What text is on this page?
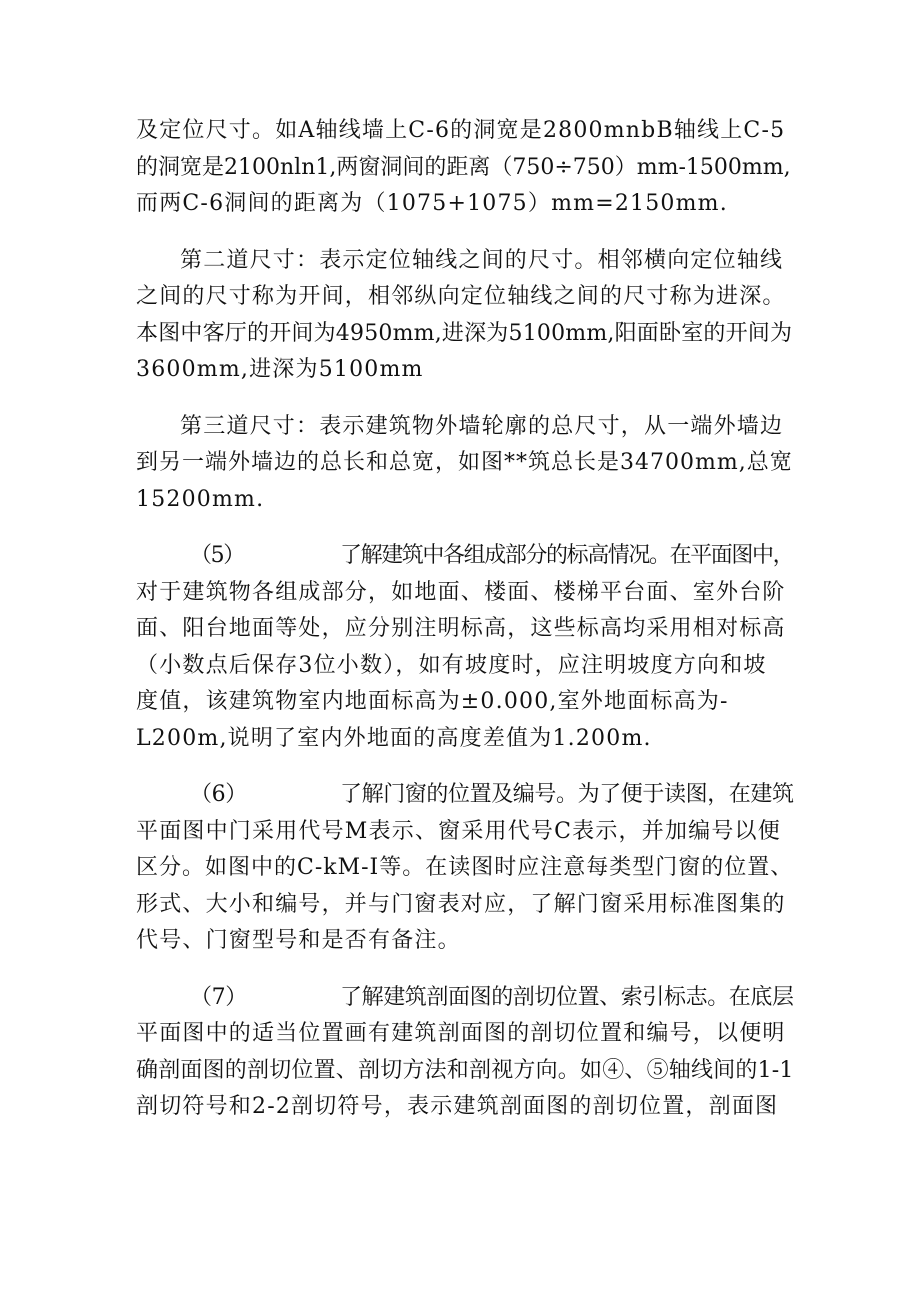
及定位尺寸。如A轴线墙上C-6的洞宽是2800mnbB轴线上C-5
的洞宽是2100nln1,两窗洞间的距离（750÷750）mm-1500mm,
而两C-6洞间的距离为（1075+1075）mm=2150mm.

第二道尺寸：表示定位轴线之间的尺寸。相邻横向定位轴线
之间的尺寸称为开间，相邻纵向定位轴线之间的尺寸称为进深。
本图中客厅的开间为4950mm,进深为5100mm,阳面卧室的开间为
3600mm,进深为5100mm

第三道尺寸：表示建筑物外墙轮廓的总尺寸，从一端外墙边
到另一端外墙边的总长和总宽，如图**筑总长是34700mm,总宽
15200mm.

（5）	了解建筑中各组成部分的标高情况。在平面图中，
对于建筑物各组成部分，如地面、楼面、楼梯平台面、室外台阶
面、阳台地面等处，应分别注明标高，这些标高均采用相对标高
（小数点后保存3位小数），如有坡度时，应注明坡度方向和坡
度值，该建筑物室内地面标高为±0.000,室外地面标高为-
L200m,说明了室内外地面的高度差值为1.200m.

（6）	了解门窗的位置及编号。为了便于读图，在建筑
平面图中门采用代号M表示、窗采用代号C表示，并加编号以便
区分。如图中的C-kM-I等。在读图时应注意每类型门窗的位置、
形式、大小和编号，并与门窗表对应，了解门窗采用标准图集的
代号、门窗型号和是否有备注。

（7）	了解建筑剖面图的剖切位置、索引标志。在底层
平面图中的适当位置画有建筑剖面图的剖切位置和编号，以便明
确剖面图的剖切位置、剖切方法和剖视方向。如④、⑤轴线间的1-1
剖切符号和2-2剖切符号，表示建筑剖面图的剖切位置，剖面图
